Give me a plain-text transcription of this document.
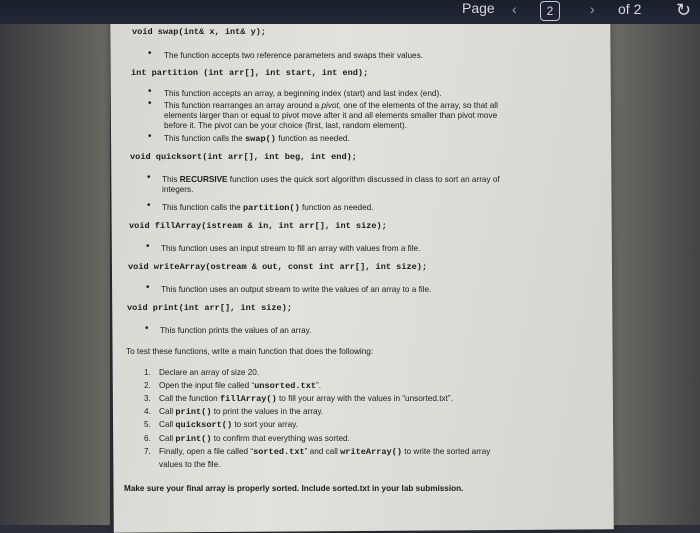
Page ‹	2	› of 2 ↻
void swap(int& x, int& y);
• The function accepts two reference parameters and swaps their values.
int partition (int arr[], int start, int end);
• This function accepts an array, a beginning index (start) and last index (end).
• This function rearranges an array around a pivot, one of the elements of the array, so that all
elements larger than or equal to pivot move after it and all elements smaller than pivot move
before it. The pivot can be your choice (first, last, random element).
• This function calls the swap() function as needed.
void quicksort(int arr[], int beg, int end);
• This RECURSIVE function uses the quick sort algorithm discussed in class to sort an array of
integers.
• This function calls the partition() function as needed.
void fillArray(istream & in, int arr[], int size);
• This function uses an input stream to fill an array with values from a file.
void writeArray(ostream & out, const int arr[], int size);
• This function uses an output stream to write the values of an array to a file.
void print(int arr[], int size);
• This function prints the values of an array.
To test these functions, write a main function that does the following:
1. Declare an array of size 20.
2. Open the input file called “unsorted.txt”.
3. Call the function fillArray() to fill your array with the values in “unsorted.txt”.
4. Call print() to print the values in the array.
5. Call quicksort() to sort your array.
6. Call print() to confirm that everything was sorted.
7. Finally, open a file called “sorted.txt” and call writeArray() to write the sorted array
values to the file.
Make sure your final array is properly sorted. Include sorted.txt in your lab submission.
